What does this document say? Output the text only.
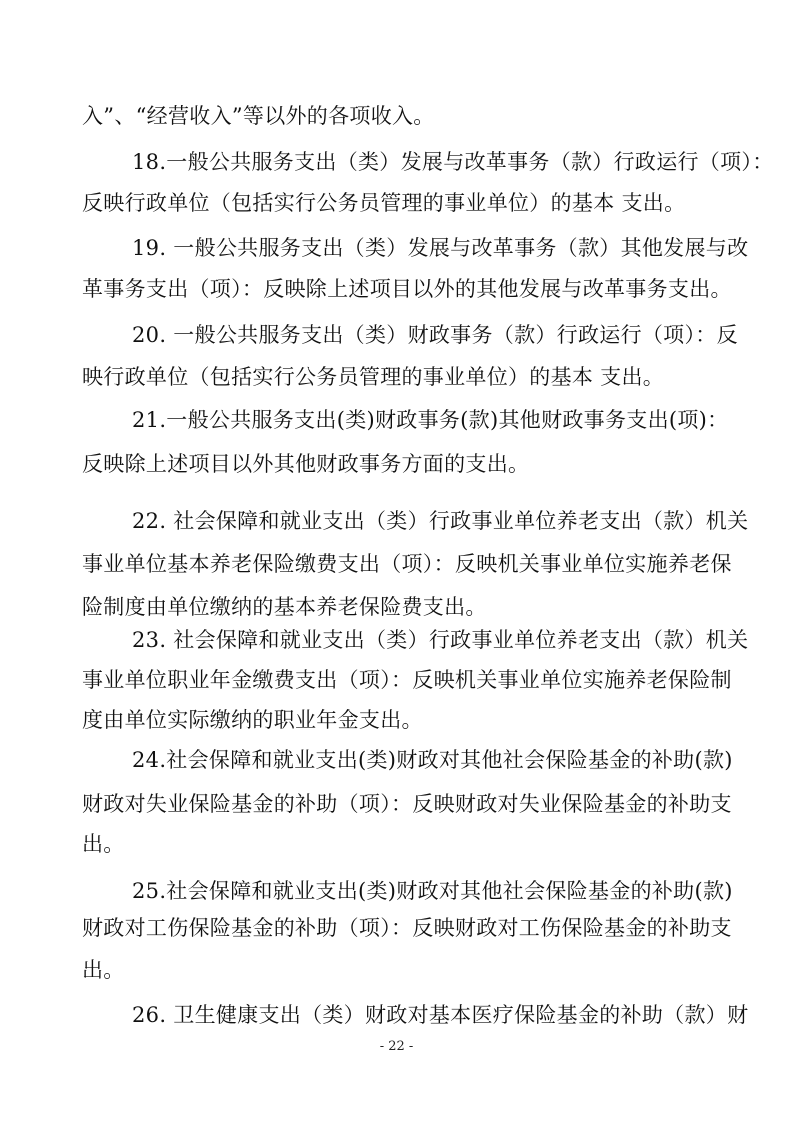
入”、“经营收入”等以外的各项收入。
18.一般公共服务支出（类）发展与改革事务（款）行政运行（项）：
反映行政单位（包括实行公务员管理的事业单位）的基本 支出。
19. 一般公共服务支出（类）发展与改革事务（款）其他发展与改
革事务支出（项）：反映除上述项目以外的其他发展与改革事务支出。
20. 一般公共服务支出（类）财政事务（款）行政运行（项）：反
映行政单位（包括实行公务员管理的事业单位）的基本 支出。
21.一般公共服务支出(类)财政事务(款)其他财政事务支出(项)：
反映除上述项目以外其他财政事务方面的支出。
22. 社会保障和就业支出（类）行政事业单位养老支出（款）机关
事业单位基本养老保险缴费支出（项）：反映机关事业单位实施养老保
险制度由单位缴纳的基本养老保险费支出。
23. 社会保障和就业支出（类）行政事业单位养老支出（款）机关
事业单位职业年金缴费支出（项）：反映机关事业单位实施养老保险制
度由单位实际缴纳的职业年金支出。
24.社会保障和就业支出(类)财政对其他社会保险基金的补助(款)
财政对失业保险基金的补助（项）：反映财政对失业保险基金的补助支
出。
25.社会保障和就业支出(类)财政对其他社会保险基金的补助(款)
财政对工伤保险基金的补助（项）：反映财政对工伤保险基金的补助支
出。
26. 卫生健康支出（类）财政对基本医疗保险基金的补助（款）财
- 22 -
